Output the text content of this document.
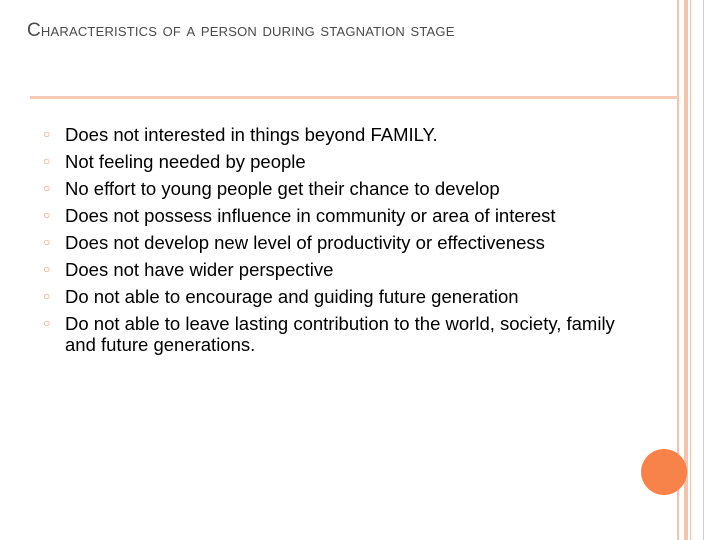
Characteristics of a person during stagnation stage
○ Does not interested in things beyond FAMILY.
○ Not feeling needed by people
○ No effort to young people get their chance to develop
○ Does not possess influence in community or area of interest
○ Does not develop new level of productivity or effectiveness
○ Does not have wider perspective
○ Do not able to encourage and guiding future generation
○ Do not able to leave lasting contribution to the world, society, family and future generations.
